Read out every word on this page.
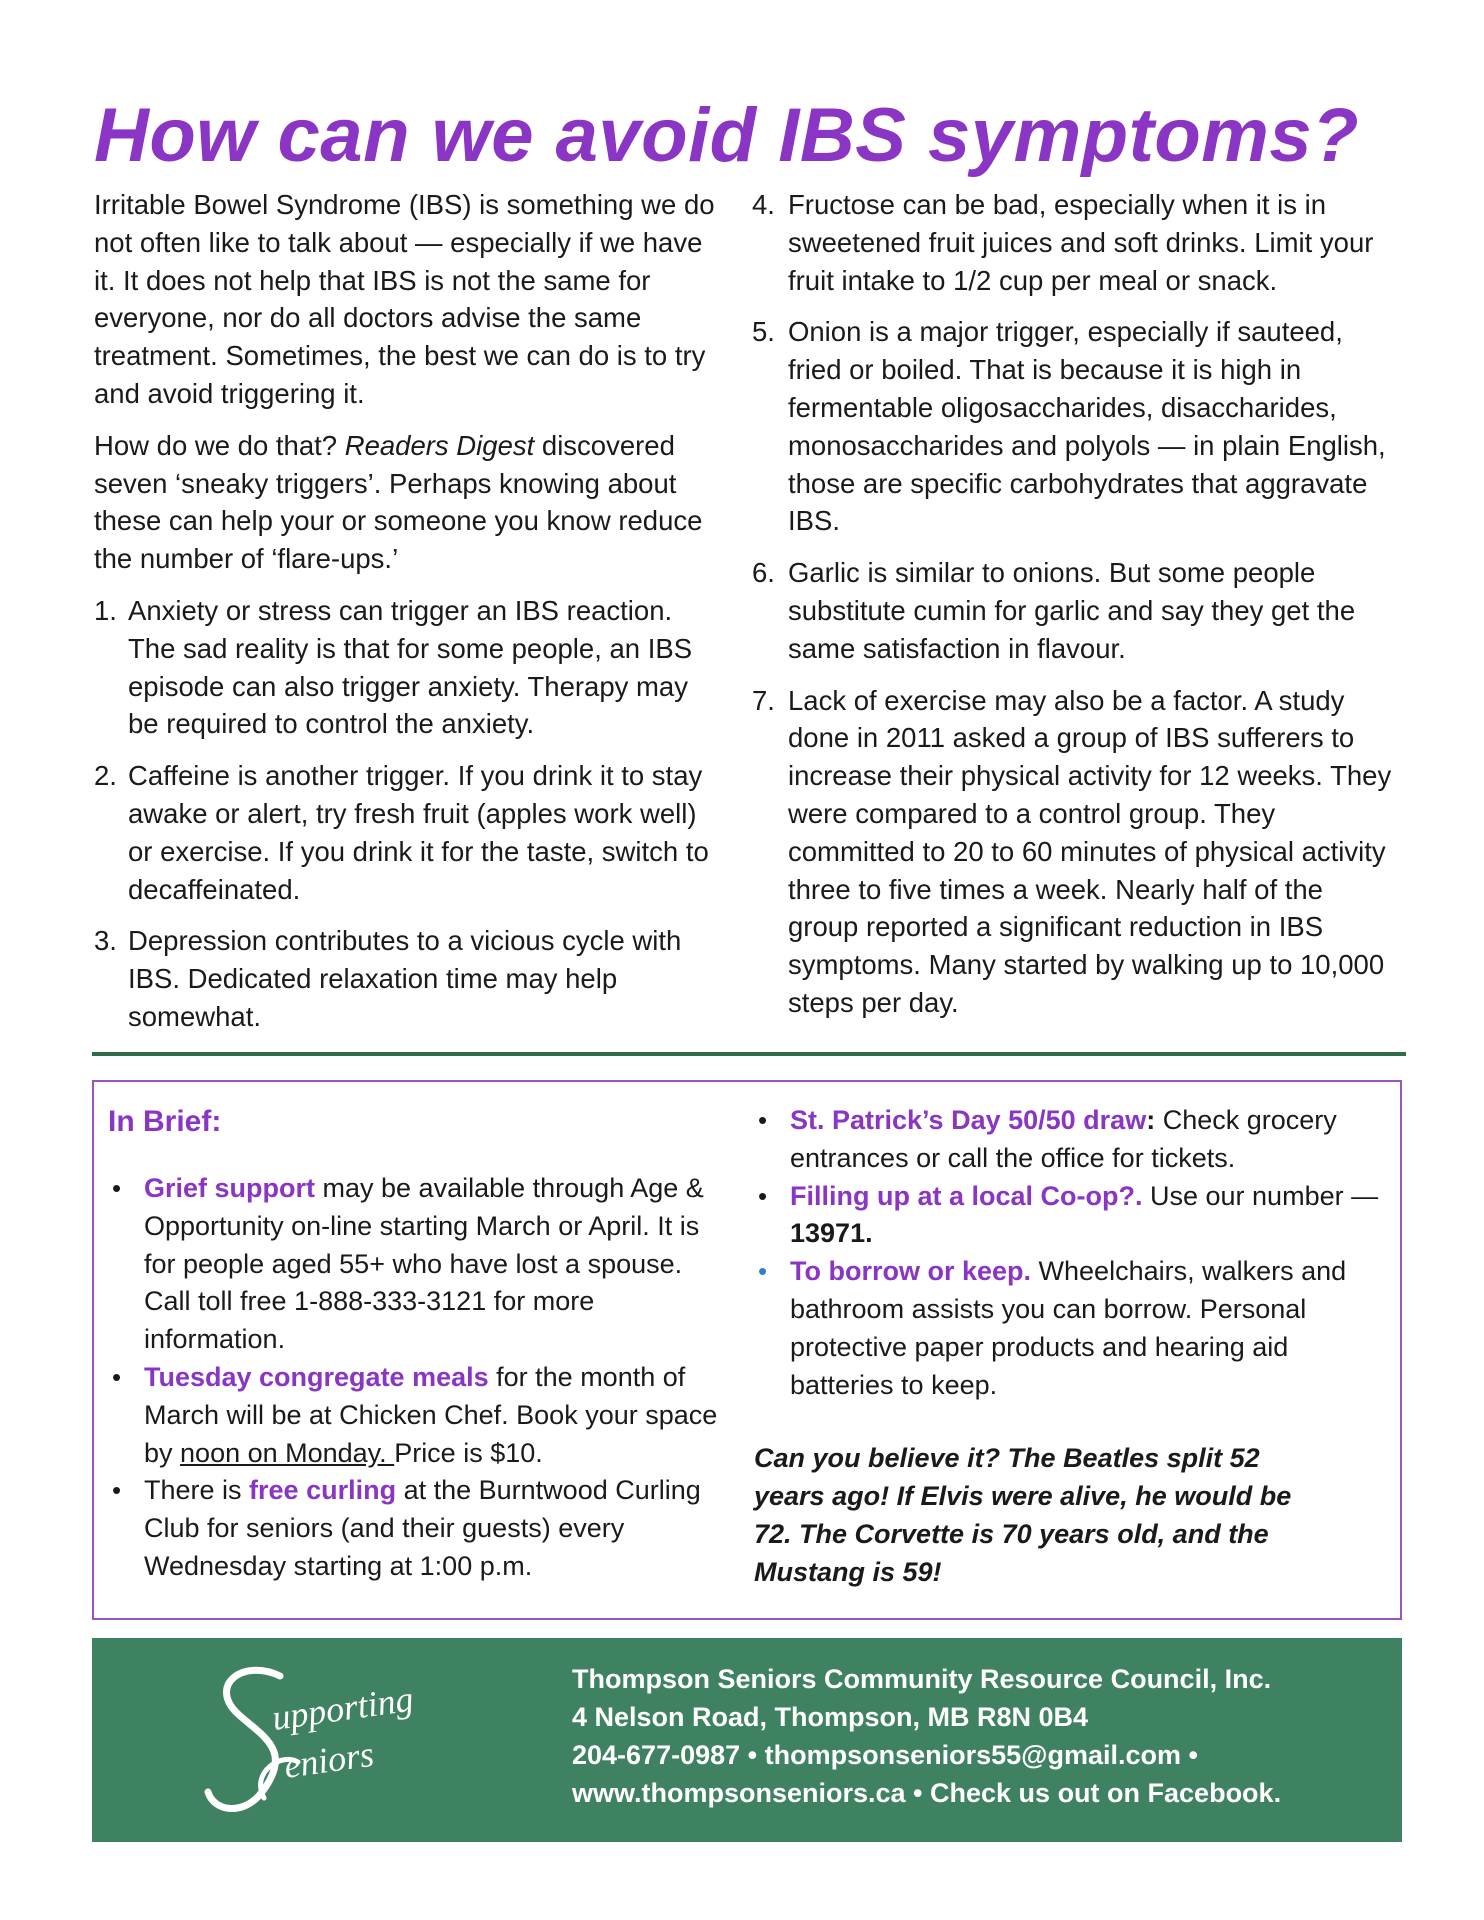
How can we avoid IBS symptoms?

Irritable Bowel Syndrome (IBS) is something we do not often like to talk about — especially if we have it. It does not help that IBS is not the same for everyone, nor do all doctors advise the same treatment. Sometimes, the best we can do is to try and avoid triggering it.

How do we do that? Readers Digest discovered seven ‘sneaky triggers’. Perhaps knowing about these can help your or someone you know reduce the number of ‘flare-ups.’

1. Anxiety or stress can trigger an IBS reaction. The sad reality is that for some people, an IBS episode can also trigger anxiety. Therapy may be required to control the anxiety.
2. Caffeine is another trigger. If you drink it to stay awake or alert, try fresh fruit (apples work well) or exercise. If you drink it for the taste, switch to decaffeinated.
3. Depression contributes to a vicious cycle with IBS. Dedicated relaxation time may help somewhat.
4. Fructose can be bad, especially when it is in sweetened fruit juices and soft drinks. Limit your fruit intake to 1/2 cup per meal or snack.
5. Onion is a major trigger, especially if sauteed, fried or boiled. That is because it is high in fermentable oligosaccharides, disaccharides, monosaccharides and polyols — in plain English, those are specific carbohydrates that aggravate IBS.
6. Garlic is similar to onions. But some people substitute cumin for garlic and say they get the same satisfaction in flavour.
7. Lack of exercise may also be a factor. A study done in 2011 asked a group of IBS sufferers to increase their physical activity for 12 weeks. They were compared to a control group. They committed to 20 to 60 minutes of physical activity three to five times a week. Nearly half of the group reported a significant reduction in IBS symptoms. Many started by walking up to 10,000 steps per day.
In Brief:
• Grief support may be available through Age & Opportunity on-line starting March or April. It is for people aged 55+ who have lost a spouse. Call toll free 1-888-333-3121 for more information.
• Tuesday congregate meals for the month of March will be at Chicken Chef. Book your space by noon on Monday. Price is $10.
• There is free curling at the Burntwood Curling Club for seniors (and their guests) every Wednesday starting at 1:00 p.m.
• St. Patrick’s Day 50/50 draw: Check grocery entrances or call the office for tickets.
• Filling up at a local Co-op?. Use our number — 13971.
• To borrow or keep. Wheelchairs, walkers and bathroom assists you can borrow. Personal protective paper products and hearing aid batteries to keep.

Can you believe it? The Beatles split 52 years ago! If Elvis were alive, he would be 72. The Corvette is 70 years old, and the Mustang is 59!

upporting
eniors
Thompson Seniors Community Resource Council, Inc.
4 Nelson Road, Thompson, MB R8N 0B4
204-677-0987 • thompsonseniors55@gmail.com •
www.thompsonseniors.ca • Check us out on Facebook.
